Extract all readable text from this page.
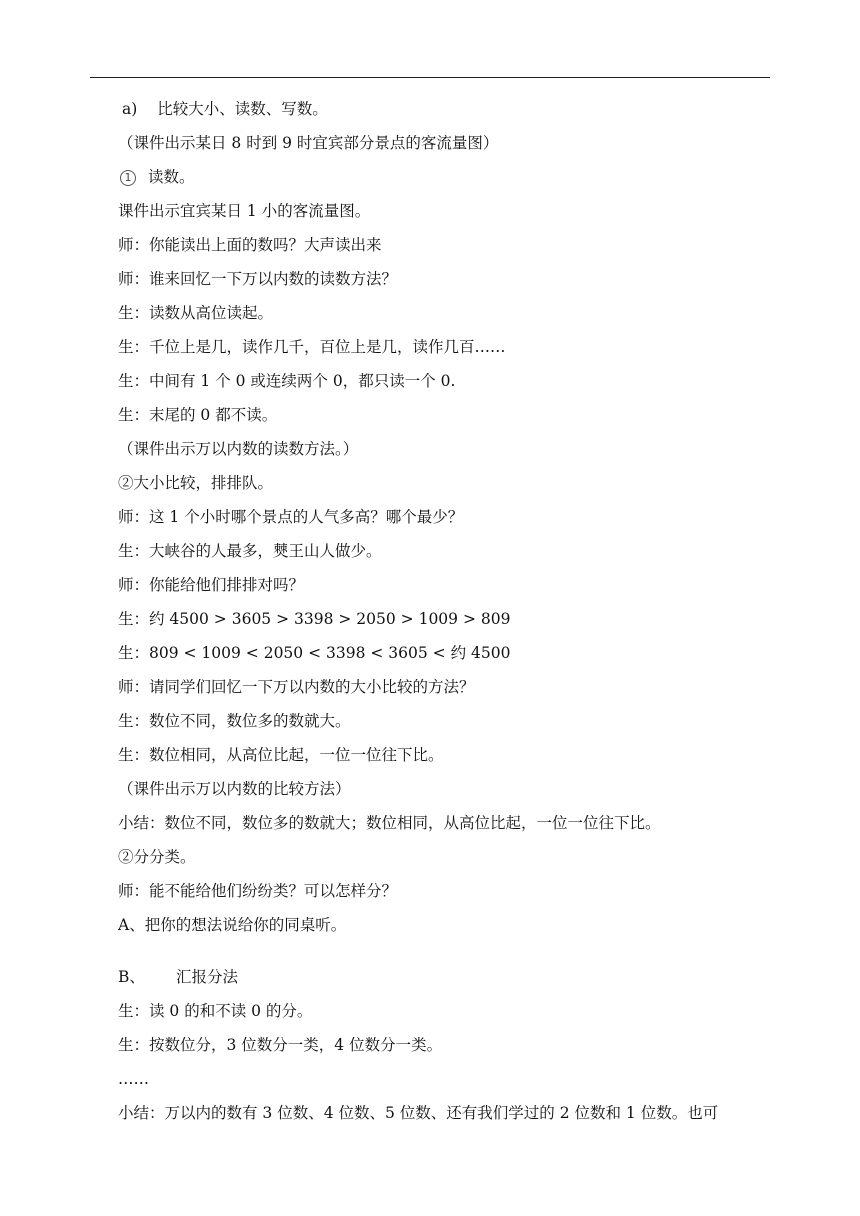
a) 比较大小、读数、写数。
（课件出示某日 8 时到 9 时宜宾部分景点的客流量图）
1 读数。
课件出示宜宾某日 1 小的客流量图。
师：你能读出上面的数吗？大声读出来
师：谁来回忆一下万以内数的读数方法？
生：读数从高位读起。
生：千位上是几，读作几千，百位上是几，读作几百……
生：中间有 1 个 0 或连续两个 0，都只读一个 0.
生：末尾的 0 都不读。
（课件出示万以内数的读数方法。）
②大小比较，排排队。
师：这 1 个小时哪个景点的人气多高？哪个最少？
生：大峡谷的人最多，僰王山人做少。
师：你能给他们排排对吗？
生：约 4500 > 3605 > 3398 > 2050 > 1009 > 809
生：809 < 1009 < 2050 < 3398 < 3605 < 约 4500
师：请同学们回忆一下万以内数的大小比较的方法？
生：数位不同，数位多的数就大。
生：数位相同，从高位比起，一位一位往下比。
（课件出示万以内数的比较方法）
小结：数位不同，数位多的数就大；数位相同，从高位比起，一位一位往下比。
②分分类。
师：能不能给他们纷纷类？可以怎样分？
A、把你的想法说给你的同桌听。
B、 汇报分法
生：读 0 的和不读 0 的分。
生：按数位分，3 位数分一类，4 位数分一类。
……
小结：万以内的数有 3 位数、4 位数、5 位数、还有我们学过的 2 位数和 1 位数。也可
